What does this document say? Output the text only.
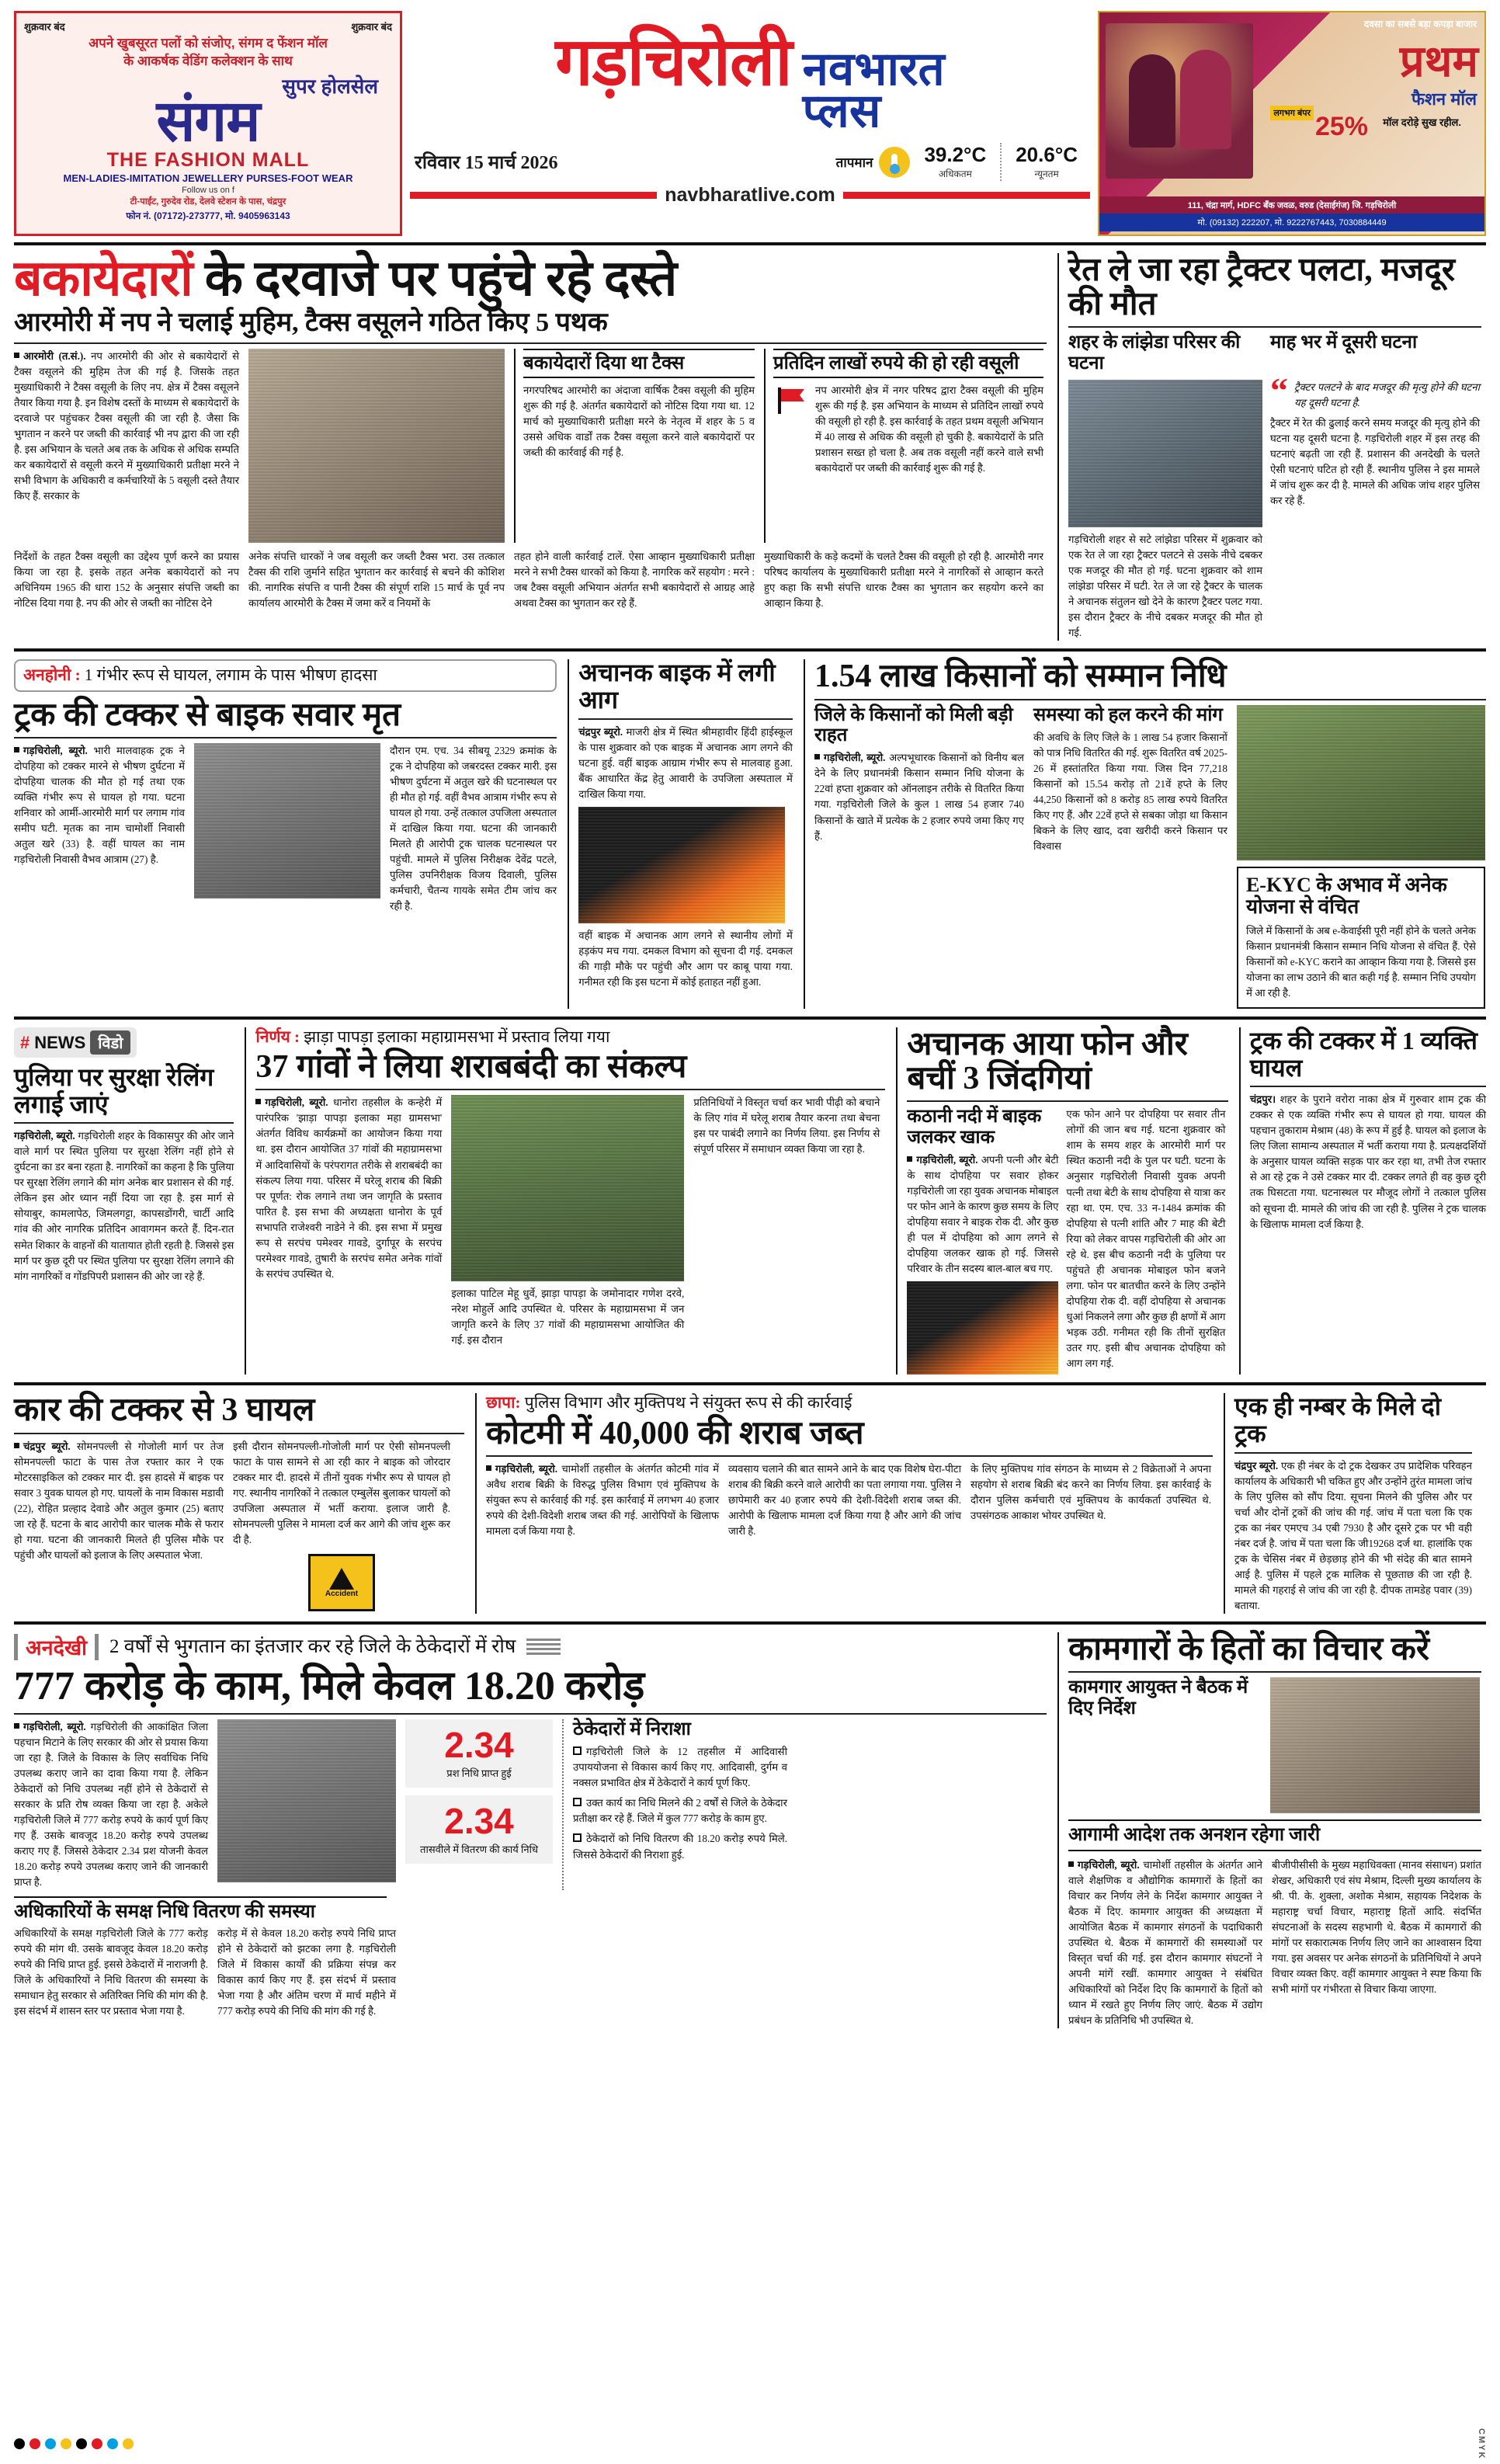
शुक्रवार बंद	शुक्रवार बंद
अपने खुबसूरत पलों को संजोए, संगम द फेंशन मॉल
के आकर्षक वेडिंग कलेक्शन के साथ
सुपर होलसेल
संगम
THE FASHION MALL
MEN-LADIES-IMITATION JEWELLERY PURSES-FOOT WEAR
Follow us on f
टी-पाईंट, गुरुदेव रोड, देलवे स्टेशन के पास, चंद्रपुर
फोन नं. (07172)-273777, मो. 9405963143
गड़चिरोली नवभारत
प्लस
रविवार 15 मार्च 2026	तापमान	39.2°C
अधिकतम
20.6°C
न्यूनतम
navbharatlive.com
दवसा का सबसे बड़ा कपड़ा बाजार
प्रथम
फैशन मॉल
लगभग बंपर 25% मॉल दरोड़े सुख रहील.
111, चंद्रा मार्ग, HDFC बँक जवळ, वरुड (देसाईगंज) जि. गड़चिरोली
मो. (09132) 222207, मो. 9222767443, 7030884449
बकायेदारों के दरवाजे पर पहुंचे रहे दस्ते
आरमोरी में नप ने चलाई मुहिम, टैक्स वसूलने गठित किए 5 पथक

आरमोरी (त.सं.). नप आरमोरी की ओर से बकायेदारों से टैक्स वसूलने की मुहिम तेज की गई है. जिसके तहत मुख्याधिकारी ने टैक्स वसूली के लिए नप. क्षेत्र में टैक्स वसूलने तैयार किया गया है. इन विशेष दस्तों के माध्यम से बकायेदारों के दरवाजे पर पहुंचकर टैक्स वसूली की जा रही है. जैसा कि भुगतान न करने पर जब्ती की कार्रवाई भी नप द्वारा की जा रही है. इस अभियान के चलते अब तक के अधिक से अधिक सम्पति कर बकायेदारों से वसूली करने में मुख्याधिकारी प्रतीक्षा मरने ने सभी विभाग के अधिकारी व कर्मचारियों के 5 वसूली दस्ते तैयार किए हैं. सरकार के

बकायेदारों दिया था टैक्स

नगरपरिषद आरमोरी का अंदाजा वार्षिक टैक्स वसूली की मुहिम शुरू की गई है. अंतर्गत बकायेदारों को नोटिस दिया गया था. 12 मार्च को मुख्याधिकारी प्रतीक्षा मरने के नेतृत्व में शहर के 5 व उससे अधिक वार्डों तक टैक्स वसूला करने वाले बकायेदारों पर जब्ती की कार्रवाई की गई है.

प्रतिदिन लाखों रुपये की हो रही वसूली

नप आरमोरी क्षेत्र में नगर परिषद द्वारा टैक्स वसूली की मुहिम शुरू की गई है. इस अभियान के माध्यम से प्रतिदिन लाखों रुपये की वसूली हो रही है. इस कार्रवाई के तहत प्रथम वसूली अभियान में 40 लाख से अधिक की वसूली हो चुकी है. बकायेदारों के प्रति प्रशासन सख्त हो चला है. अब तक वसूली नहीं करने वाले सभी बकायेदारों पर जब्ती की कार्रवाई शुरू की गई है.

निर्देशों के तहत टैक्स वसूली का उद्देश्य पूर्ण करने का प्रयास किया जा रहा है. इसके तहत अनेक बकायेदारों को नप अधिनियम 1965 की धारा 152 के अनुसार संपत्ति जब्ती का नोटिस दिया गया है. नप की ओर से जब्ती का नोटिस देने

अनेक संपत्ति धारकों ने जब वसूली कर जब्ती टैक्स भरा. उस तत्काल टैक्स की राशि जुर्माने सहित भुगतान कर कार्रवाई से बचने की कोशिश की. नागरिक संपत्ति व पानी टैक्स की संपूर्ण राशि 15 मार्च के पूर्व नप कार्यालय आरमोरी के टैक्स में जमा करें व नियमों के

तहत होने वाली कार्रवाई टालें. ऐसा आव्हान मुख्याधिकारी प्रतीक्षा मरने ने सभी टैक्स धारकों को किया है. नागरिक करें सहयोग : मरने : जब टैक्स वसूली अभियान अंतर्गत सभी बकायेदारों से आग्रह आहे अथवा टैक्स का भुगतान कर रहे हैं.

मुख्याधिकारी के कड़े कदमों के चलते टैक्स की वसूली हो रही है. आरमोरी नगर परिषद कार्यालय के मुख्याधिकारी प्रतीक्षा मरने ने नागरिकों से आव्हान करते हुए कहा कि सभी संपत्ति धारक टैक्स का भुगतान कर सहयोग करने का आव्हान किया है.

रेत ले जा रहा ट्रैक्टर पलटा, मजदूर की मौत
शहर के लांझेडा परिसर की घटना
माह भर में दूसरी घटना

गड़चिरोली शहर से सटे लांझेडा परिसर में शुक्रवार को एक रेत ले जा रहा ट्रैक्टर पलटने से उसके नीचे दबकर एक मजदूर की मौत हो गई. घटना शुक्रवार को शाम लांझेडा परिसर में घटी. रेत ले जा रहे ट्रैक्टर के चालक ने अचानक संतुलन खो देने के कारण ट्रैक्टर पलट गया. इस दौरान ट्रैक्टर के नीचे दबकर मजदूर की मौत हो गई.

“ ट्रैक्टर पलटने के बाद मजदूर की मृत्यु होने की घटना यह दूसरी घटना है.

ट्रैक्टर में रेत की ढुलाई करने समय मजदूर की मृत्यु होने की घटना यह दूसरी घटना है. गड़चिरोली शहर में इस तरह की घटनाएं बढ़ती जा रही हैं. प्रशासन की अनदेखी के चलते ऐसी घटनाएं घटित हो रही हैं. स्थानीय पुलिस ने इस मामले में जांच शुरू कर दी है. मामले की अधिक जांच शहर पुलिस कर रहे हैं.

अनहोनी : 1 गंभीर रूप से घायल, लगाम के पास भीषण हादसा
ट्रक की टक्कर से बाइक सवार मृत

गड़चिरोली, ब्यूरो. भारी मालवाहक ट्रक ने दोपहिया को टक्कर मारने से भीषण दुर्घटना में दोपहिया चालक की मौत हो गई तथा एक व्यक्ति गंभीर रूप से घायल हो गया. घटना शनिवार को आर्मी-आरमोरी मार्ग पर लगाम गांव समीप घटी. मृतक का नाम चामोर्शी निवासी अतुल खरे (33) है. वहीं घायल का नाम गड़चिरोली निवासी वैभव आत्राम (27) है.

दौरान एम. एच. 34 सीबयू 2329 क्रमांक के ट्रक ने दोपहिया को जबरदस्त टक्कर मारी. इस भीषण दुर्घटना में अतुल खरे की घटनास्थल पर ही मौत हो गई. वहीं वैभव आत्राम गंभीर रूप से घायल हो गया. उन्हें तत्काल उपजिला अस्पताल में दाखिल किया गया. घटना की जानकारी मिलते ही आरोपी ट्रक चालक घटनास्थल पर पहुंची. मामले में पुलिस निरीक्षक देवेंद्र पटले, पुलिस उपनिरीक्षक विजय दिवाली, पुलिस कर्मचारी, चैतन्य गायके समेत टीम जांच कर रही है.

अचानक बाइक में लगी आग

चंद्रपुर ब्यूरो. माजरी क्षेत्र में स्थित श्रीमहावीर हिंदी हाईस्कूल के पास शुक्रवार को एक बाइक में अचानक आग लगने की घटना हुई. वहीं बाइक आग्राम गंभीर रूप से मालवाह हुआ. बैंक आधारित केंद्र हेतु आवारी के उपजिला अस्पताल में दाखिल किया गया.

वहीं बाइक में अचानक आग लगने से स्थानीय लोगों में हड़कंप मच गया. दमकल विभाग को सूचना दी गई. दमकल की गाड़ी मौके पर पहुंची और आग पर काबू पाया गया. गनीमत रही कि इस घटना में कोई हताहत नहीं हुआ.

1.54 लाख किसानों को सम्मान निधि
जिले के किसानों को मिली बड़ी राहत

गड़चिरोली, ब्यूरो. अल्पभूधारक किसानों को विनीय बल देने के लिए प्रधानमंत्री किसान सम्मान निधि योजना के 22वां हप्ता शुक्रवार को ऑनलाइन तरीके से वितरित किया गया. गड़चिरोली जिले के कुल 1 लाख 54 हजार 740 किसानों के खाते में प्रत्येक के 2 हजार रुपये जमा किए गए हैं.

समस्या को हल करने की मांग

की अवधि के लिए जिले के 1 लाख 54 हजार किसानों को पात्र निधि वितरित की गई. शुरू वितरित वर्ष 2025-26 में हस्तांतरित किया गया. जिस दिन 77,218 किसानों को 15.54 करोड़ तो 21वें हप्ते के लिए 44,250 किसानों को 8 करोड़ 85 लाख रुपये वितरित किए गए हैं. और 22वें हप्ते से सबका जोड़ा था किसान बिकने के लिए खाद, दवा खरीदी करने किसान पर विश्वास

E-KYC के अभाव में अनेक योजना से वंचित

जिले में किसानों के अब e-केवाईसी पूरी नहीं होने के चलते अनेक किसान प्रधानमंत्री किसान सम्मान निधि योजना से वंचित हैं. ऐसे किसानों को e-KYC कराने का आव्हान किया गया है. जिससे इस योजना का लाभ उठाने की बात कही गई है. सम्मान निधि उपयोग में आ रही है.

# NEWS विडो
पुलिया पर सुरक्षा रेलिंग लगाई जाएं

गड़चिरोली, ब्यूरो. गड़चिरोली शहर के विकासपुर की ओर जाने वाले मार्ग पर स्थित पुलिया पर सुरक्षा रेलिंग नहीं होने से दुर्घटना का डर बना रहता है. नागरिकों का कहना है कि पुलिया पर सुरक्षा रेलिंग लगाने की मांग अनेक बार प्रशासन से की गई. लेकिन इस ओर ध्यान नहीं दिया जा रहा है. इस मार्ग से सोयाबुर, कामलापेठ, जिमलगट्टा, कापसडोंगरी, चार्टी आदि गांव की ओर नागरिक प्रतिदिन आवागमन करते हैं. दिन-रात समेत शिकार के वाहनों की यातायात होती रहती है. जिससे इस मार्ग पर कुछ दूरी पर स्थित पुलिया पर सुरक्षा रेलिंग लगाने की मांग नागरिकों व गोंडपिपरी प्रशासन की ओर जा रहे हैं.

निर्णय : झाड़ा पापड़ा इलाका महाग्रामसभा में प्रस्ताव लिया गया
37 गांवों ने लिया शराबबंदी का संकल्प

गड़चिरोली, ब्यूरो. धानोरा तहसील के कन्हेरी में पारंपरिक 'झाड़ा पापड़ा इलाका महा ग्रामसभा' अंतर्गत विविध कार्यक्रमों का आयोजन किया गया था. इस दौरान आयोजित 37 गांवों की महाग्रामसभा में आदिवासियों के परंपरागत तरीके से शराबबंदी का संकल्प लिया गया. परिसर में घरेलू शराब की बिक्री पर पूर्णत: रोक लगाने तथा जन जागृति के प्रस्ताव पारित है. इस सभा की अध्यक्षता धानोरा के पूर्व सभापति राजेश्वरी नाडेने ने की. इस सभा में प्रमुख रूप से सरपंच पमेश्वर गावडे, दुर्गापूर के सरपंच परमेश्वर गावडे, तुषारी के सरपंच समेत अनेक गांवों के सरपंच उपस्थित थे.

इलाका पाटिल मेहू धुर्वे, झाड़ा पापड़ा के जमोनादार गणेश दरवे, नरेश मोहुर्ले आदि उपस्थित थे. परिसर के महाग्रामसभा में जन जागृति करने के लिए 37 गांवों की महाग्रामसभा आयोजित की गई. इस दौरान

प्रतिनिधियों ने विस्तृत चर्चा कर भावी पीढ़ी को बचाने के लिए गांव में घरेलू शराब तैयार करना तथा बेचना इस पर पाबंदी लगाने का निर्णय लिया. इस निर्णय से संपूर्ण परिसर में समाधान व्यक्त किया जा रहा है.

अचानक आया फोन और बचीं 3 जिंदगियां
कठानी नदी में बाइक जलकर खाक

गड़चिरोली, ब्यूरो. अपनी पत्नी और बेटी के साथ दोपहिया पर सवार होकर गड़चिरोली जा रहा युवक अचानक मोबाइल पर फोन आने के कारण कुछ समय के लिए दोपहिया सवार ने बाइक रोक दी. और कुछ ही पल में दोपहिया को आग लगने से दोपहिया जलकर खाक हो गई. जिससे परिवार के तीन सदस्य बाल-बाल बच गए.

एक फोन आने पर दोपहिया पर सवार तीन लोगों की जान बच गई. घटना शुक्रवार को शाम के समय शहर के आरमोरी मार्ग पर स्थित कठानी नदी के पुल पर घटी. घटना के अनुसार गड़चिरोली निवासी युवक अपनी पत्नी तथा बेटी के साथ दोपहिया से यात्रा कर रहा था. एम. एच. 33 न-1484 क्रमांक की दोपहिया से पत्नी शांति और 7 माह की बेटी रिया को लेकर वापस गड़चिरोली की ओर आ रहे थे. इस बीच कठानी नदी के पुलिया पर पहुंचते ही अचानक मोबाइल फोन बजने लगा. फोन पर बातचीत करने के लिए उन्होंने दोपहिया रोक दी. वहीं दोपहिया से अचानक धुआं निकलने लगा और कुछ ही क्षणों में आग भड़क उठी. गनीमत रही कि तीनों सुरक्षित उतर गए. इसी बीच अचानक दोपहिया को आग लग गई.

ट्रक की टक्कर में 1 व्यक्ति घायल

चंद्रपुर। शहर के पुराने वरोरा नाका क्षेत्र में गुरुवार शाम ट्रक की टक्कर से एक व्यक्ति गंभीर रूप से घायल हो गया. घायल की पहचान तुकाराम मेश्राम (48) के रूप में हुई है. घायल को इलाज के लिए जिला सामान्य अस्पताल में भर्ती कराया गया है. प्रत्यक्षदर्शियों के अनुसार घायल व्यक्ति सड़क पार कर रहा था, तभी तेज रफ्तार से आ रहे ट्रक ने उसे टक्कर मार दी. टक्कर लगते ही वह कुछ दूरी तक घिसटता गया. घटनास्थल पर मौजूद लोगों ने तत्काल पुलिस को सूचना दी. मामले की जांच की जा रही है. पुलिस ने ट्रक चालक के खिलाफ मामला दर्ज किया है.

कार की टक्कर से 3 घायल

चंद्रपुर ब्यूरो. सोमनपल्ली से गोजोली मार्ग पर तेज सोमनपल्ली फाटा के पास तेज रफ्तार कार ने एक मोटरसाइकिल को टक्कर मार दी. इस हादसे में बाइक पर सवार 3 युवक घायल हो गए. घायलों के नाम विकास मडावी (22), रोहित प्रल्हाद देवाडे और अतुल कुमार (25) बताए जा रहे हैं. घटना के बाद आरोपी कार चालक मौके से फरार हो गया. घटना की जानकारी मिलते ही पुलिस मौके पर पहुंची और घायलों को इलाज के लिए अस्पताल भेजा.

इसी दौरान सोमनपल्ली-गोजोली मार्ग पर ऐसी सोमनपल्ली फाटा के पास सामने से आ रही कार ने बाइक को जोरदार टक्कर मार दी. हादसे में तीनों युवक गंभीर रूप से घायल हो गए. स्थानीय नागरिकों ने तत्काल एम्बुलेंस बुलाकर घायलों को उपजिला अस्पताल में भर्ती कराया. इलाज जारी है. सोमनपल्ली पुलिस ने मामला दर्ज कर आगे की जांच शुरू कर दी है.

Accident
छापा: पुलिस विभाग और मुक्तिपथ ने संयुक्त रूप से की कार्रवाई
कोटमी में 40,000 की शराब जब्त

गड़चिरोली, ब्यूरो. चामोर्शी तहसील के अंतर्गत कोटमी गांव में अवैध शराब बिक्री के विरुद्ध पुलिस विभाग एवं मुक्तिपथ के संयुक्त रूप से कार्रवाई की गई. इस कार्रवाई में लगभग 40 हजार रुपये की देशी-विदेशी शराब जब्त की गई. आरोपियों के खिलाफ मामला दर्ज किया गया है.

व्यवसाय चलाने की बात सामने आने के बाद एक विशेष घेरा-पीटा शराब की बिक्री करने वाले आरोपी का पता लगाया गया. पुलिस ने छापेमारी कर 40 हजार रुपये की देशी-विदेशी शराब जब्त की. आरोपी के खिलाफ मामला दर्ज किया गया है और आगे की जांच जारी है.

के लिए मुक्तिपथ गांव संगठन के माध्यम से 2 विक्रेताओं ने अपना सहयोग से शराब बिक्री बंद करने का निर्णय लिया. इस कार्रवाई के दौरान पुलिस कर्मचारी एवं मुक्तिपथ के कार्यकर्ता उपस्थित थे. उपसंगठक आकाश भोयर उपस्थित थे.

एक ही नम्बर के मिले दो ट्रक

चंद्रपुर ब्यूरो. एक ही नंबर के दो ट्रक देखकर उप प्रादेशिक परिवहन कार्यालय के अधिकारी भी चकित हुए और उन्होंने तुरंत मामला जांच के लिए पुलिस को सौंप दिया. सूचना मिलने की पुलिस और पर चर्चा और दोनों ट्रकों की जांच की गई. जांच में पता चला कि एक ट्रक का नंबर एमएच 34 एबी 7930 है और दूसरे ट्रक पर भी वही नंबर दर्ज है. जांच में पता चला कि जी19268 दर्ज था. हालांकि एक ट्रक के चेसिस नंबर में छेड़छाड़ होने की भी संदेह की बात सामने आई है. पुलिस में पहले ट्रक मालिक से पूछताछ की जा रही है. मामले की गहराई से जांच की जा रही है. दीपक तामडेह पवार (39) बताया.

अनदेखी 2 वर्षों से भुगतान का इंतजार कर रहे जिले के ठेकेदारों में रोष
777 करोड़ के काम, मिले केवल 18.20 करोड़

गड़चिरोली, ब्यूरो. गड़चिरोली की आकांक्षित जिला पहचान मिटाने के लिए सरकार की ओर से प्रयास किया जा रहा है. जिले के विकास के लिए सर्वाधिक निधि उपलब्ध कराए जाने का दावा किया गया है. लेकिन ठेकेदारों को निधि उपलब्ध नहीं होने से ठेकेदारों से सरकार के प्रति रोष व्यक्त किया जा रहा है. अकेले गड़चिरोली जिले में 777 करोड़ रुपये के कार्य पूर्ण किए गए हैं. उसके बावजूद 18.20 करोड़ रुपये उपलब्ध कराए गए हैं. जिससे ठेकेदार 2.34 प्रश योजनी केवल 18.20 करोड़ रुपये उपलब्ध कराए जाने की जानकारी प्राप्त है.

2.34
प्रश निधि प्राप्त हुई
2.34
तासवीले में वितरण की कार्य निधि
ठेकेदारों में निराशा

गड़चिरोली जिले के 12 तहसील में आदिवासी उपाययोजना से विकास कार्य किए गए. आदिवासी, दुर्गम व नक्सल प्रभावित क्षेत्र में ठेकेदारों ने कार्य पूर्ण किए.

उक्त कार्य का निधि मिलने की 2 वर्षों से जिले के ठेकेदार प्रतीक्षा कर रहे हैं. जिले में कुल 777 करोड़ के काम हुए.

ठेकेदारों को निधि वितरण की 18.20 करोड़ रुपये मिले. जिससे ठेकेदारों की निराशा हुई.

अधिकारियों के समक्ष निधि वितरण की समस्या

अधिकारियों के समक्ष गड़चिरोली जिले के 777 करोड़ रुपये की मांग थी. उसके बावजूद केवल 18.20 करोड़ रुपये की निधि प्राप्त हुई. इससे ठेकेदारों में नाराजगी है. जिले के अधिकारियों ने निधि वितरण की समस्या के समाधान हेतु सरकार से अतिरिक्त निधि की मांग की है. इस संदर्भ में शासन स्तर पर प्रस्ताव भेजा गया है.

करोड़ में से केवल 18.20 करोड़ रुपये निधि प्राप्त होने से ठेकेदारों को झटका लगा है. गड़चिरोली जिले में विकास कार्यों की प्रक्रिया संपन्न कर विकास कार्य किए गए हैं. इस संदर्भ में प्रस्ताव भेजा गया है और अंतिम चरण में मार्च महीने में 777 करोड़ रुपये की निधि की मांग की गई है.

कामगारों के हितों का विचार करें
कामगार आयुक्त ने बैठक में दिए निर्देश
आगामी आदेश तक अनशन रहेगा जारी

गड़चिरोली, ब्यूरो. चामोर्शी तहसील के अंतर्गत आने वाले शैक्षणिक व औद्योगिक कामगारों के हितों का विचार कर निर्णय लेने के निर्देश कामगार आयुक्त ने बैठक में दिए. कामगार आयुक्त की अध्यक्षता में आयोजित बैठक में कामगार संगठनों के पदाधिकारी उपस्थित थे. बैठक में कामगारों की समस्याओं पर विस्तृत चर्चा की गई. इस दौरान कामगार संघटनों ने अपनी मांगें रखीं. कामगार आयुक्त ने संबंधित अधिकारियों को निर्देश दिए कि कामगारों के हितों को ध्यान में रखते हुए निर्णय लिए जाएं. बैठक में उद्योग प्रबंधन के प्रतिनिधि भी उपस्थित थे.

बीजीपीसीसी के मुख्य महाधिवक्ता (मानव संसाधन) प्रशांत शेखर, अधिकारी एवं संघ मेश्राम, दिल्ली मुख्य कार्यालय के श्री. पी. के. शुक्ला, अशोक मेश्राम, सहायक निदेशक के महाराष्ट्र चर्चा विचार, महाराष्ट्र हितों आदि. संदर्भित संघटनाओं के सदस्य सहभागी थे. बैठक में कामगारों की मांगों पर सकारात्मक निर्णय लिए जाने का आश्वासन दिया गया. इस अवसर पर अनेक संगठनों के प्रतिनिधियों ने अपने विचार व्यक्त किए. वहीं कामगार आयुक्त ने स्पष्ट किया कि सभी मांगों पर गंभीरता से विचार किया जाएगा.

CMYK
